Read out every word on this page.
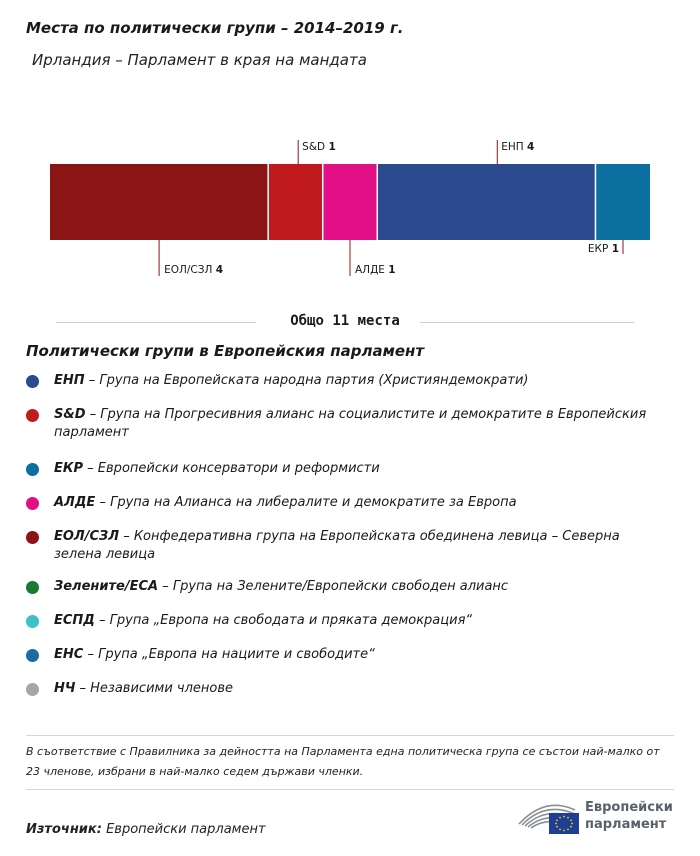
Места по политически групи – 2014–2019 г.
Ирландия – Парламент в края на мандата
ЕОЛ/СЗЛ 4
S&D 1
АЛДЕ 1
ЕНП 4
ЕКР 1
Общо 11 места
Политически групи в Европейския парламент
ЕНП – Група на Европейската народна партия (Християндемократи)
S&D – Група на Прогресивния алианс на социалистите и демократите в Европейския парламент
ЕКР – Европейски консерватори и реформисти
АЛДЕ – Група на Алианса на либералите и демократите за Европа
ЕОЛ/СЗЛ – Конфедеративна група на Европейската обединена левица – Северна зелена левица
Зелените/ЕСА – Група на Зелените/Европейски свободен алианс
ЕСПД – Група „Европа на свободата и пряката демокрация“
ЕНС – Група „Европа на нациите и свободите“
НЧ – Независими членове
В съответствие с Правилника за дейността на Парламента една политическа група се състои най-малко от 23 членове, избрани в най-малко седем държави членки.
Източник: Европейски парламент
Европейски
парламент
